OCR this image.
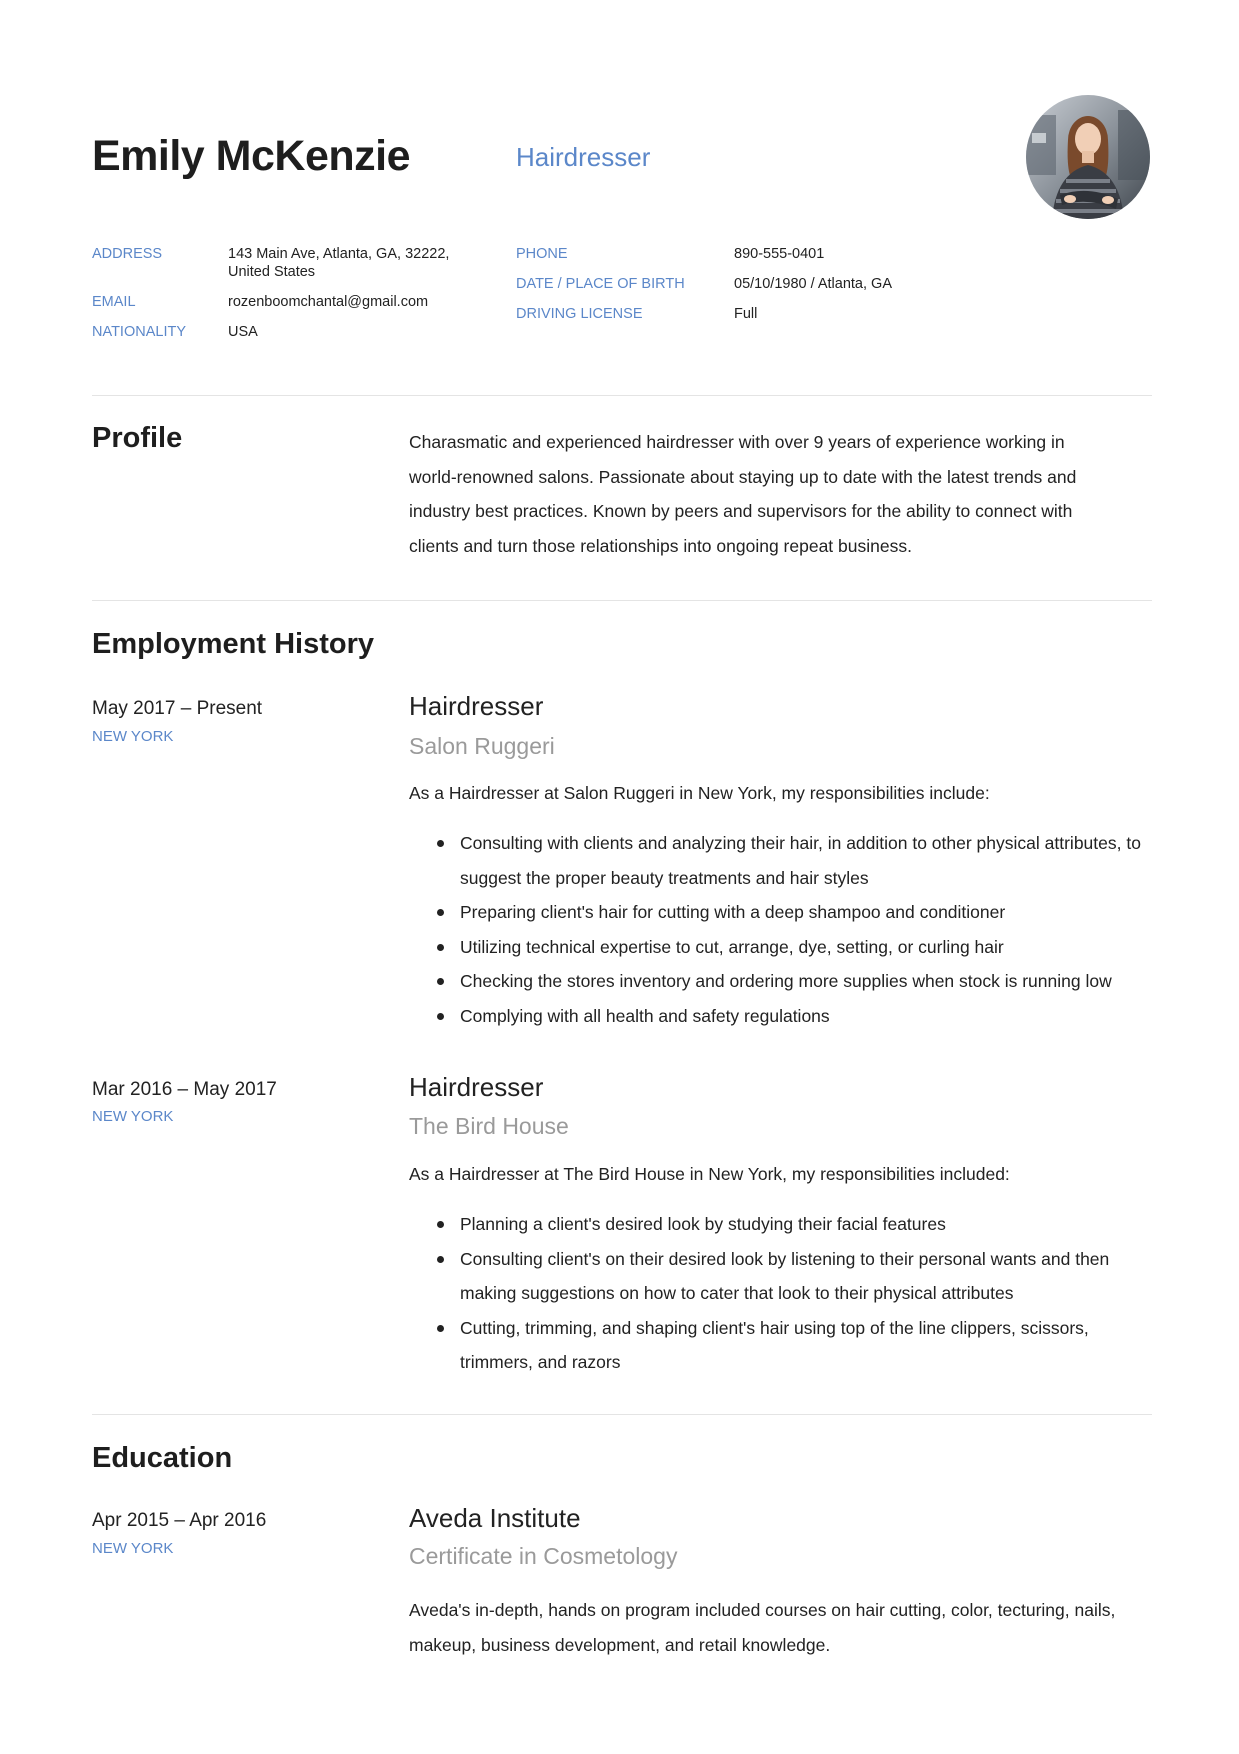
Emily McKenzie	Hairdresser
ADDRESS	143 Main Ave, Atlanta, GA, 32222, United States
EMAIL	rozenboomchantal@gmail.com
NATIONALITY	USA
PHONE	890-555-0401
DATE / PLACE OF BIRTH	05/10/1980 / Atlanta, GA
DRIVING LICENSE	Full
Profile	Charasmatic and experienced hairdresser with over 9 years of experience working in world-renowned salons. Passionate about staying up to date with the latest trends and industry best practices. Known by peers and supervisors for the ability to connect with clients and turn those relationships into ongoing repeat business.
Employment History
May 2017 – Present
NEW YORK
Hairdresser
Salon Ruggeri
As a Hairdresser at Salon Ruggeri in New York, my responsibilities include:
Consulting with clients and analyzing their hair, in addition to other physical attributes, to suggest the proper beauty treatments and hair styles
Preparing client's hair for cutting with a deep shampoo and conditioner
Utilizing technical expertise to cut, arrange, dye, setting, or curling hair
Checking the stores inventory and ordering more supplies when stock is running low
Complying with all health and safety regulations
Mar 2016 – May 2017
NEW YORK
Hairdresser
The Bird House
As a Hairdresser at The Bird House in New York, my responsibilities included:
Planning a client's desired look by studying their facial features
Consulting client's on their desired look by listening to their personal wants and then making suggestions on how to cater that look to their physical attributes
Cutting, trimming, and shaping client's hair using top of the line clippers, scissors, trimmers, and razors
Education
Apr 2015 – Apr 2016
NEW YORK
Aveda Institute
Certificate in Cosmetology
Aveda's in-depth, hands on program included courses on hair cutting, color, tecturing, nails, makeup, business development, and retail knowledge.
